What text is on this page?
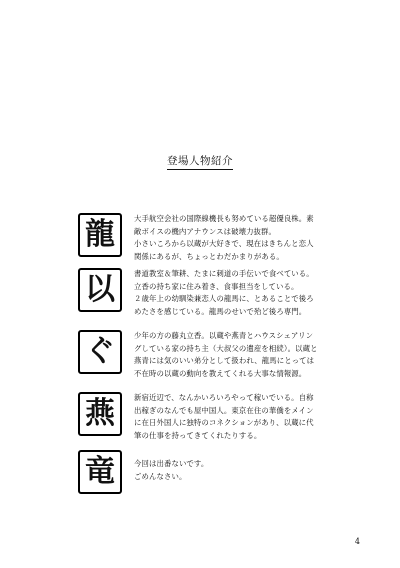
登場人物紹介
龍	大手航空会社の国際線機長も努めている超優良株。素

敵ボイスの機内アナウンスは破壊力抜群。

小さいころから以蔵が大好きで、現在はきちんと恋人

関係にあるが、ちょっとわだかまりがある。

以	書道教室＆筆耕、たまに刺道の手伝いで食べている。

立香の持ち家に住み着き、食事担当をしている。

２歳年上の幼馴染兼恋人の龍馬に、とあることで後ろ

めたさを感じている。龍馬のせいで殆ど後ろ専門。

ぐ	少年の方の藤丸立香。以蔵や燕青とハウスシェアリン

グしている家の持ち主（大叔父の遺産を相続）。以蔵と

燕青には気のいい弟分として扱われ、龍馬にとっては

不在時の以蔵の動向を教えてくれる大事な情報源。

燕	新宿近辺で、なんかいろいろやって稼いでいる。自称

出稼ぎのなんでも屋中国人。東京在住の華僑をメイン

に在日外国人に独特のコネクションがあり、以蔵に代

筆の仕事を持ってきてくれたりする。

竜	今回は出番ないです。

ごめんなさい。

4
